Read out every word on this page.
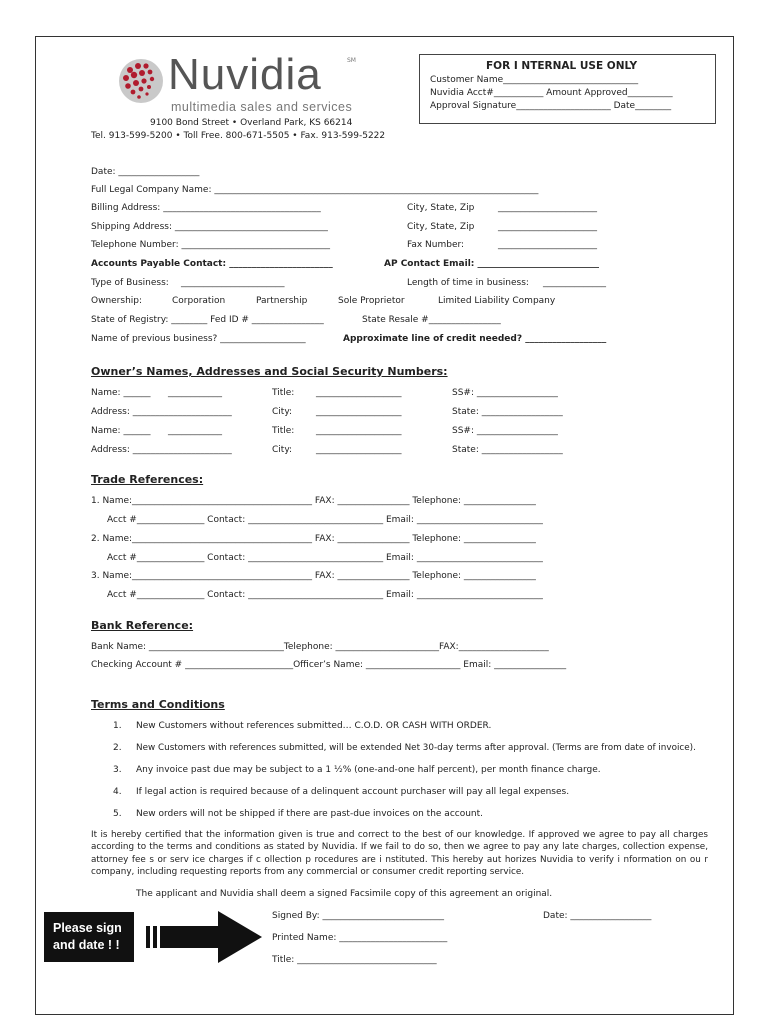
Nuvidia	SM
multimedia sales and services
9100 Bond Street • Overland Park, KS 66214
Tel. 913-599-5200 • Toll Free. 800-671-5505 • Fax. 913-599-5222
FOR I NTERNAL USE ONLY
Customer Name______________________________
Nuvidia Acct#___________ Amount Approved__________
Approval Signature_____________________ Date________
Date: __________________
Full Legal Company Name: ________________________________________________________________________
Billing Address: ___________________________________	City, State, Zip	______________________
Shipping Address: __________________________________	City, State, Zip	______________________
Telephone Number: _________________________________	Fax Number:	______________________
Accounts Payable Contact: _______________________	AP Contact Email: ___________________________
Type of Business: _______________________	Length of time in business: ______________
Ownership:	Corporation	Partnership	Sole Proprietor	Limited Liability Company
State of Registry: ________ Fed ID # ________________	State Resale #________________
Name of previous business? ___________________	Approximate line of credit needed? __________________
Owner’s Names, Addresses and Social Security Numbers:
Name: ______ ____________	Title: ___________________	SS#: __________________
Address: ______________________	City:	___________________	State: __________________
Name: ______ ____________	Title: ___________________	SS#: __________________
Address: ______________________	City:	___________________	State: __________________
Trade References:
1. Name:________________________________________ FAX: ________________ Telephone: ________________
Acct #_______________ Contact: ______________________________ Email: ____________________________
2. Name:________________________________________ FAX: ________________ Telephone: ________________
Acct #_______________ Contact: ______________________________ Email: ____________________________
3. Name:________________________________________ FAX: ________________ Telephone: ________________
Acct #_______________ Contact: ______________________________ Email: ____________________________
Bank Reference:
Bank Name: ______________________________Telephone: _______________________FAX:____________________
Checking Account # ________________________Officer’s Name: _____________________ Email: ________________
Terms and Conditions
1. New Customers without references submitted… C.O.D. OR CASH WITH ORDER.
2. New Customers with references submitted, will be extended Net 30-day terms after approval. (Terms are from date of invoice).
3. Any invoice past due may be subject to a 1 ½% (one-and-one half percent), per month finance charge.
4. If legal action is required because of a delinquent account purchaser will pay all legal expenses.
5. New orders will not be shipped if there are past-due invoices on the account.

It is hereby certified that the information given is true and correct to the best of our knowledge. If approved we agree to pay all charges according to the terms and conditions as stated by Nuvidia. If we fail to do so, then we agree to pay any late charges, collection expense, attorney fee s or serv ice charges if c ollection p rocedures are i nstituted. This hereby aut horizes Nuvidia to verify i nformation on ou r company, including requesting reports from any commercial or consumer credit reporting service.

The applicant and Nuvidia shall deem a signed Facsimile copy of this agreement an original.
Please sign
and date ! !
Signed By: ___________________________	Date: __________________
Printed Name: ________________________
Title: _______________________________
